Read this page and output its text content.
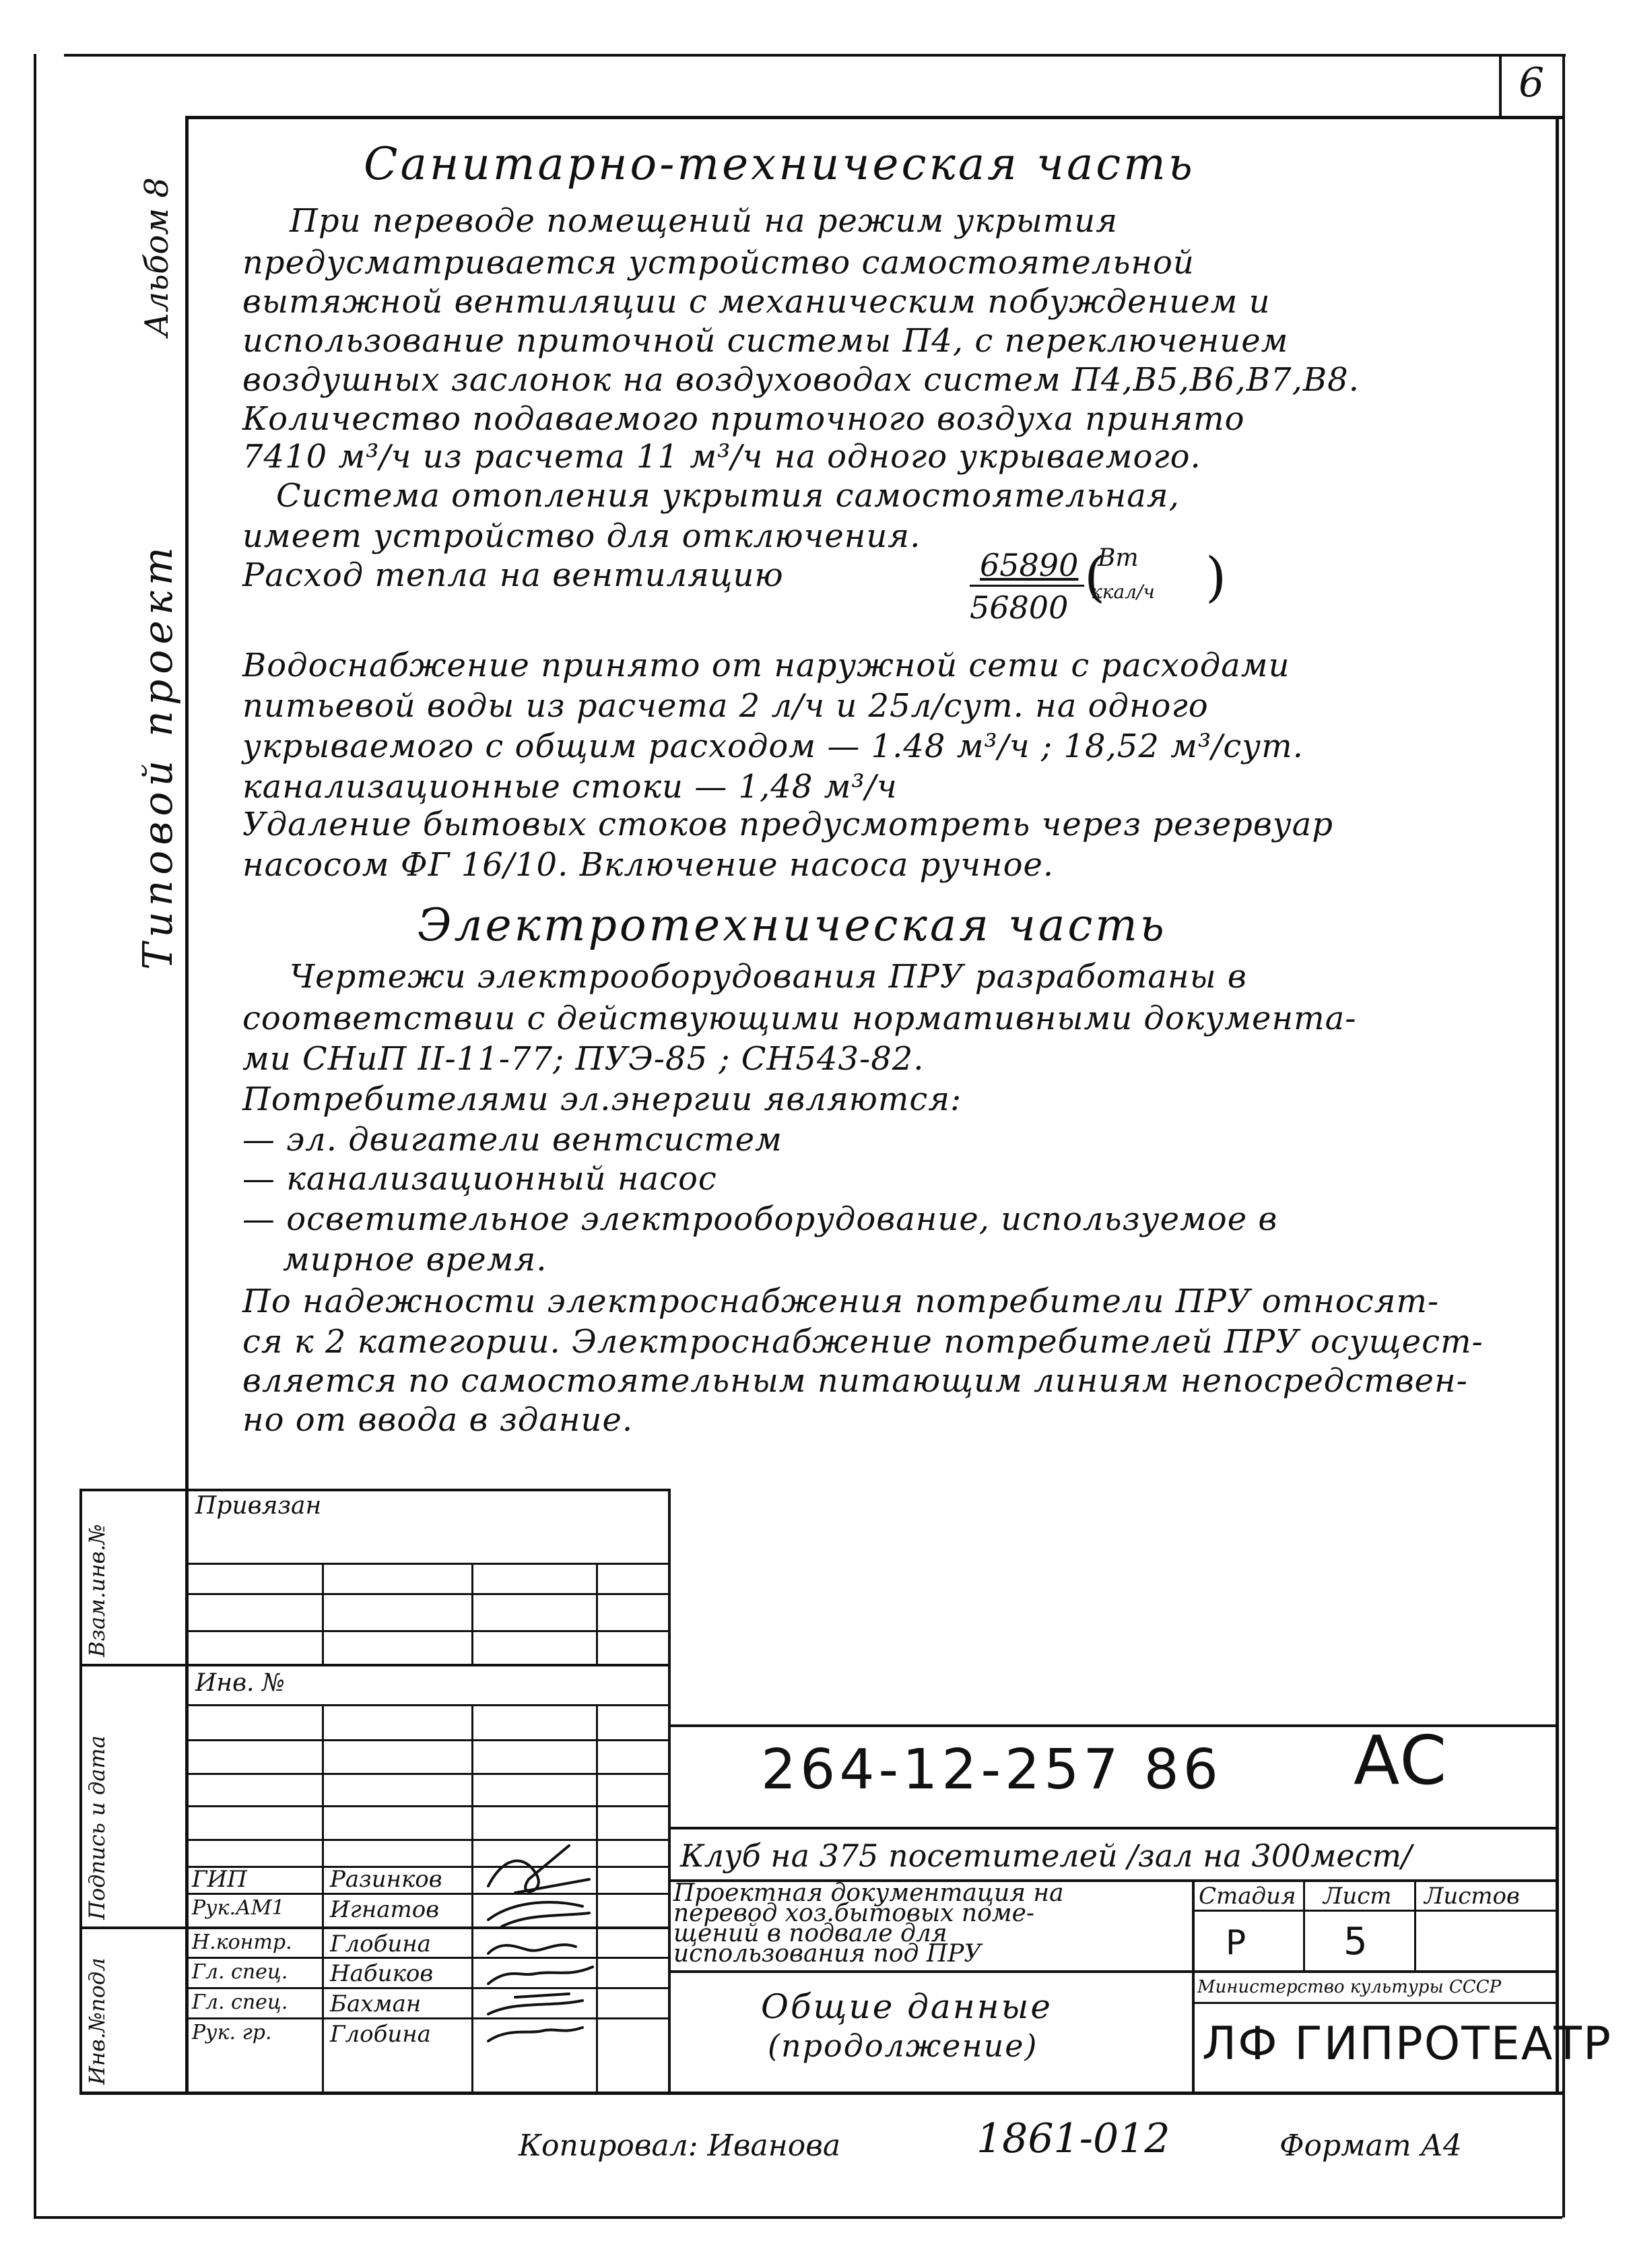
6
Альбом 8
Типовой проект
Санитарно-техническая часть
При переводе помещений на режим укрытия
предусматривается устройство самостоятельной
вытяжной вентиляции с механическим побуждением и
использование приточной системы П4, с переключением
воздушных заслонок на воздуховодах систем П4,В5,В6,В7,В8.
Количество подаваемого приточного воздуха принято
7410 м³/ч из расчета 11 м³/ч на одного укрываемого.
Система отопления укрытия самостоятельная,
имеет устройство для отключения.
Расход тепла на вентиляцию	65890
56800
Вт
ккал/ч
( )
Водоснабжение принято от наружной сети с расходами
питьевой воды из расчета 2 л/ч и 25л/сут. на одного
укрываемого с общим расходом — 1.48 м³/ч ; 18,52 м³/сут.
канализационные стоки — 1,48 м³/ч
Удаление бытовых стоков предусмотреть через резервуар
насосом ФГ 16/10. Включение насоса ручное.
Электротехническая часть
Чертежи электрооборудования ПРУ разработаны в
соответствии с действующими нормативными документа-
ми СНиП II-11-77; ПУЭ-85 ; СН543-82.
Потребителями эл.энергии являются:
— эл. двигатели вентсистем
— канализационный насос
— осветительное электрооборудование, используемое в
мирное время.
По надежности электроснабжения потребители ПРУ относят-
ся к 2 категории. Электроснабжение потребителей ПРУ осущест-
вляется по самостоятельным питающим линиям непосредствен-
но от ввода в здание.
Взам.инв.№
Подпись и дата
Инв.№подл
Привязан
Инв. №
ГИП	Разинков
Рук.АМ1 Игнатов
Н.контр. Глобина
Гл. спец. Набиков
Гл. спец. Бахман
Рук. гр.	Глобина
264-12-257 86 АС
Клуб на 375 посетителей /зал на 300мест/
Проектная документация на
перевод хоз.бытовых поме-
щений в подвале для
использования под ПРУ
Стадия Лист Листов
Р	5
Общие данные
(продолжение)
Министерство культуры СССР
ЛФ ГИПРОТЕАТР
Копировал: Иванова	1861-012	Формат А4
